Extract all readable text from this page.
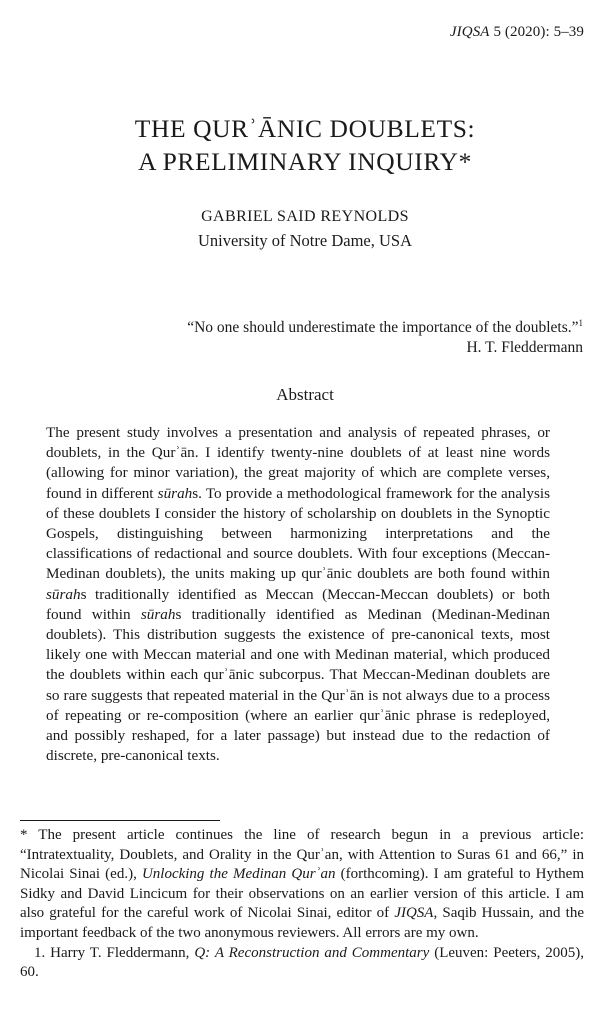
JIQSA 5 (2020): 5–39
THE QURʾĀNIC DOUBLETS:
A PRELIMINARY INQUIRY*
GABRIEL SAID REYNOLDS
University of Notre Dame, USA
“No one should underestimate the importance of the doublets.”$^1$
H. T. Fleddermann
Abstract

The present study involves a presentation and analysis of repeated phrases, or doublets, in the Qurʾān. I identify twenty-nine doublets of at least nine words (allowing for minor variation), the great majority of which are complete verses, found in different sūrahs. To provide a methodological framework for the analysis of these doublets I consider the history of scholarship on doublets in the Synoptic Gospels, distinguishing between harmonizing interpretations and the classifications of redactional and source doublets. With four exceptions (Meccan-Medinan doublets), the units making up qurʾānic doublets are both found within sūrahs traditionally identified as Meccan (Meccan-Meccan doublets) or both found within sūrahs traditionally identified as Medinan (Medinan-Medinan doublets). This distribution suggests the existence of pre-canonical texts, most likely one with Meccan material and one with Medinan material, which produced the doublets within each qurʾānic subcorpus. That Meccan-Medinan doublets are so rare suggests that repeated material in the Qurʾān is not always due to a process of repeating or re-composition (where an earlier qurʾānic phrase is redeployed, and possibly reshaped, for a later passage) but instead due to the redaction of discrete, pre-canonical texts.

* The present article continues the line of research begun in a previous article: “Intratextuality, Doublets, and Orality in the Qurʾan, with Attention to Suras 61 and 66,” in Nicolai Sinai (ed.), Unlocking the Medinan Qurʾan (forthcoming). I am grateful to Hythem Sidky and David Lincicum for their observations on an earlier version of this article. I am also grateful for the careful work of Nicolai Sinai, editor of JIQSA, Saqib Hussain, and the important feedback of the two anonymous reviewers. All errors are my own.

1. Harry T. Fleddermann, Q: A Reconstruction and Commentary (Leuven: Peeters, 2005), 60.
